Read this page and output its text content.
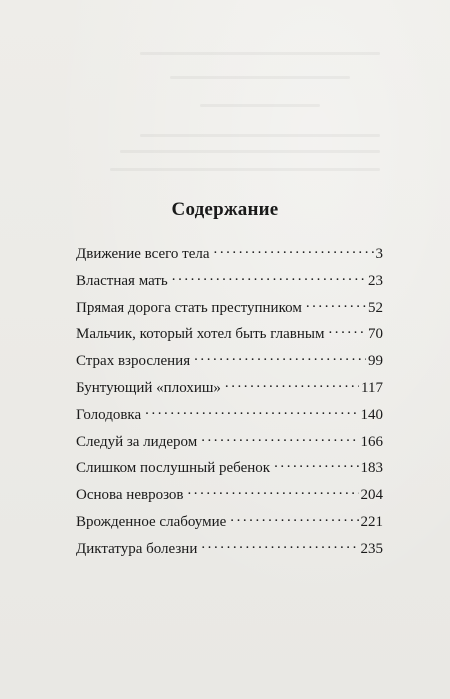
Содержание
Движение всего тела . . .	3
Властная мать . . .	23
Прямая дорога стать преступником . . .	52
Мальчик, который хотел быть главным . . .	70
Страх взросления . . .	99
Бунтующий «плохиш» . . .	117
Голодовка . . .	140
Следуй за лидером . . .	166
Слишком послушный ребенок . . .	183
Основа неврозов . . .	204
Врожденное слабоумие . . .	221
Диктатура болезни . . .	235
